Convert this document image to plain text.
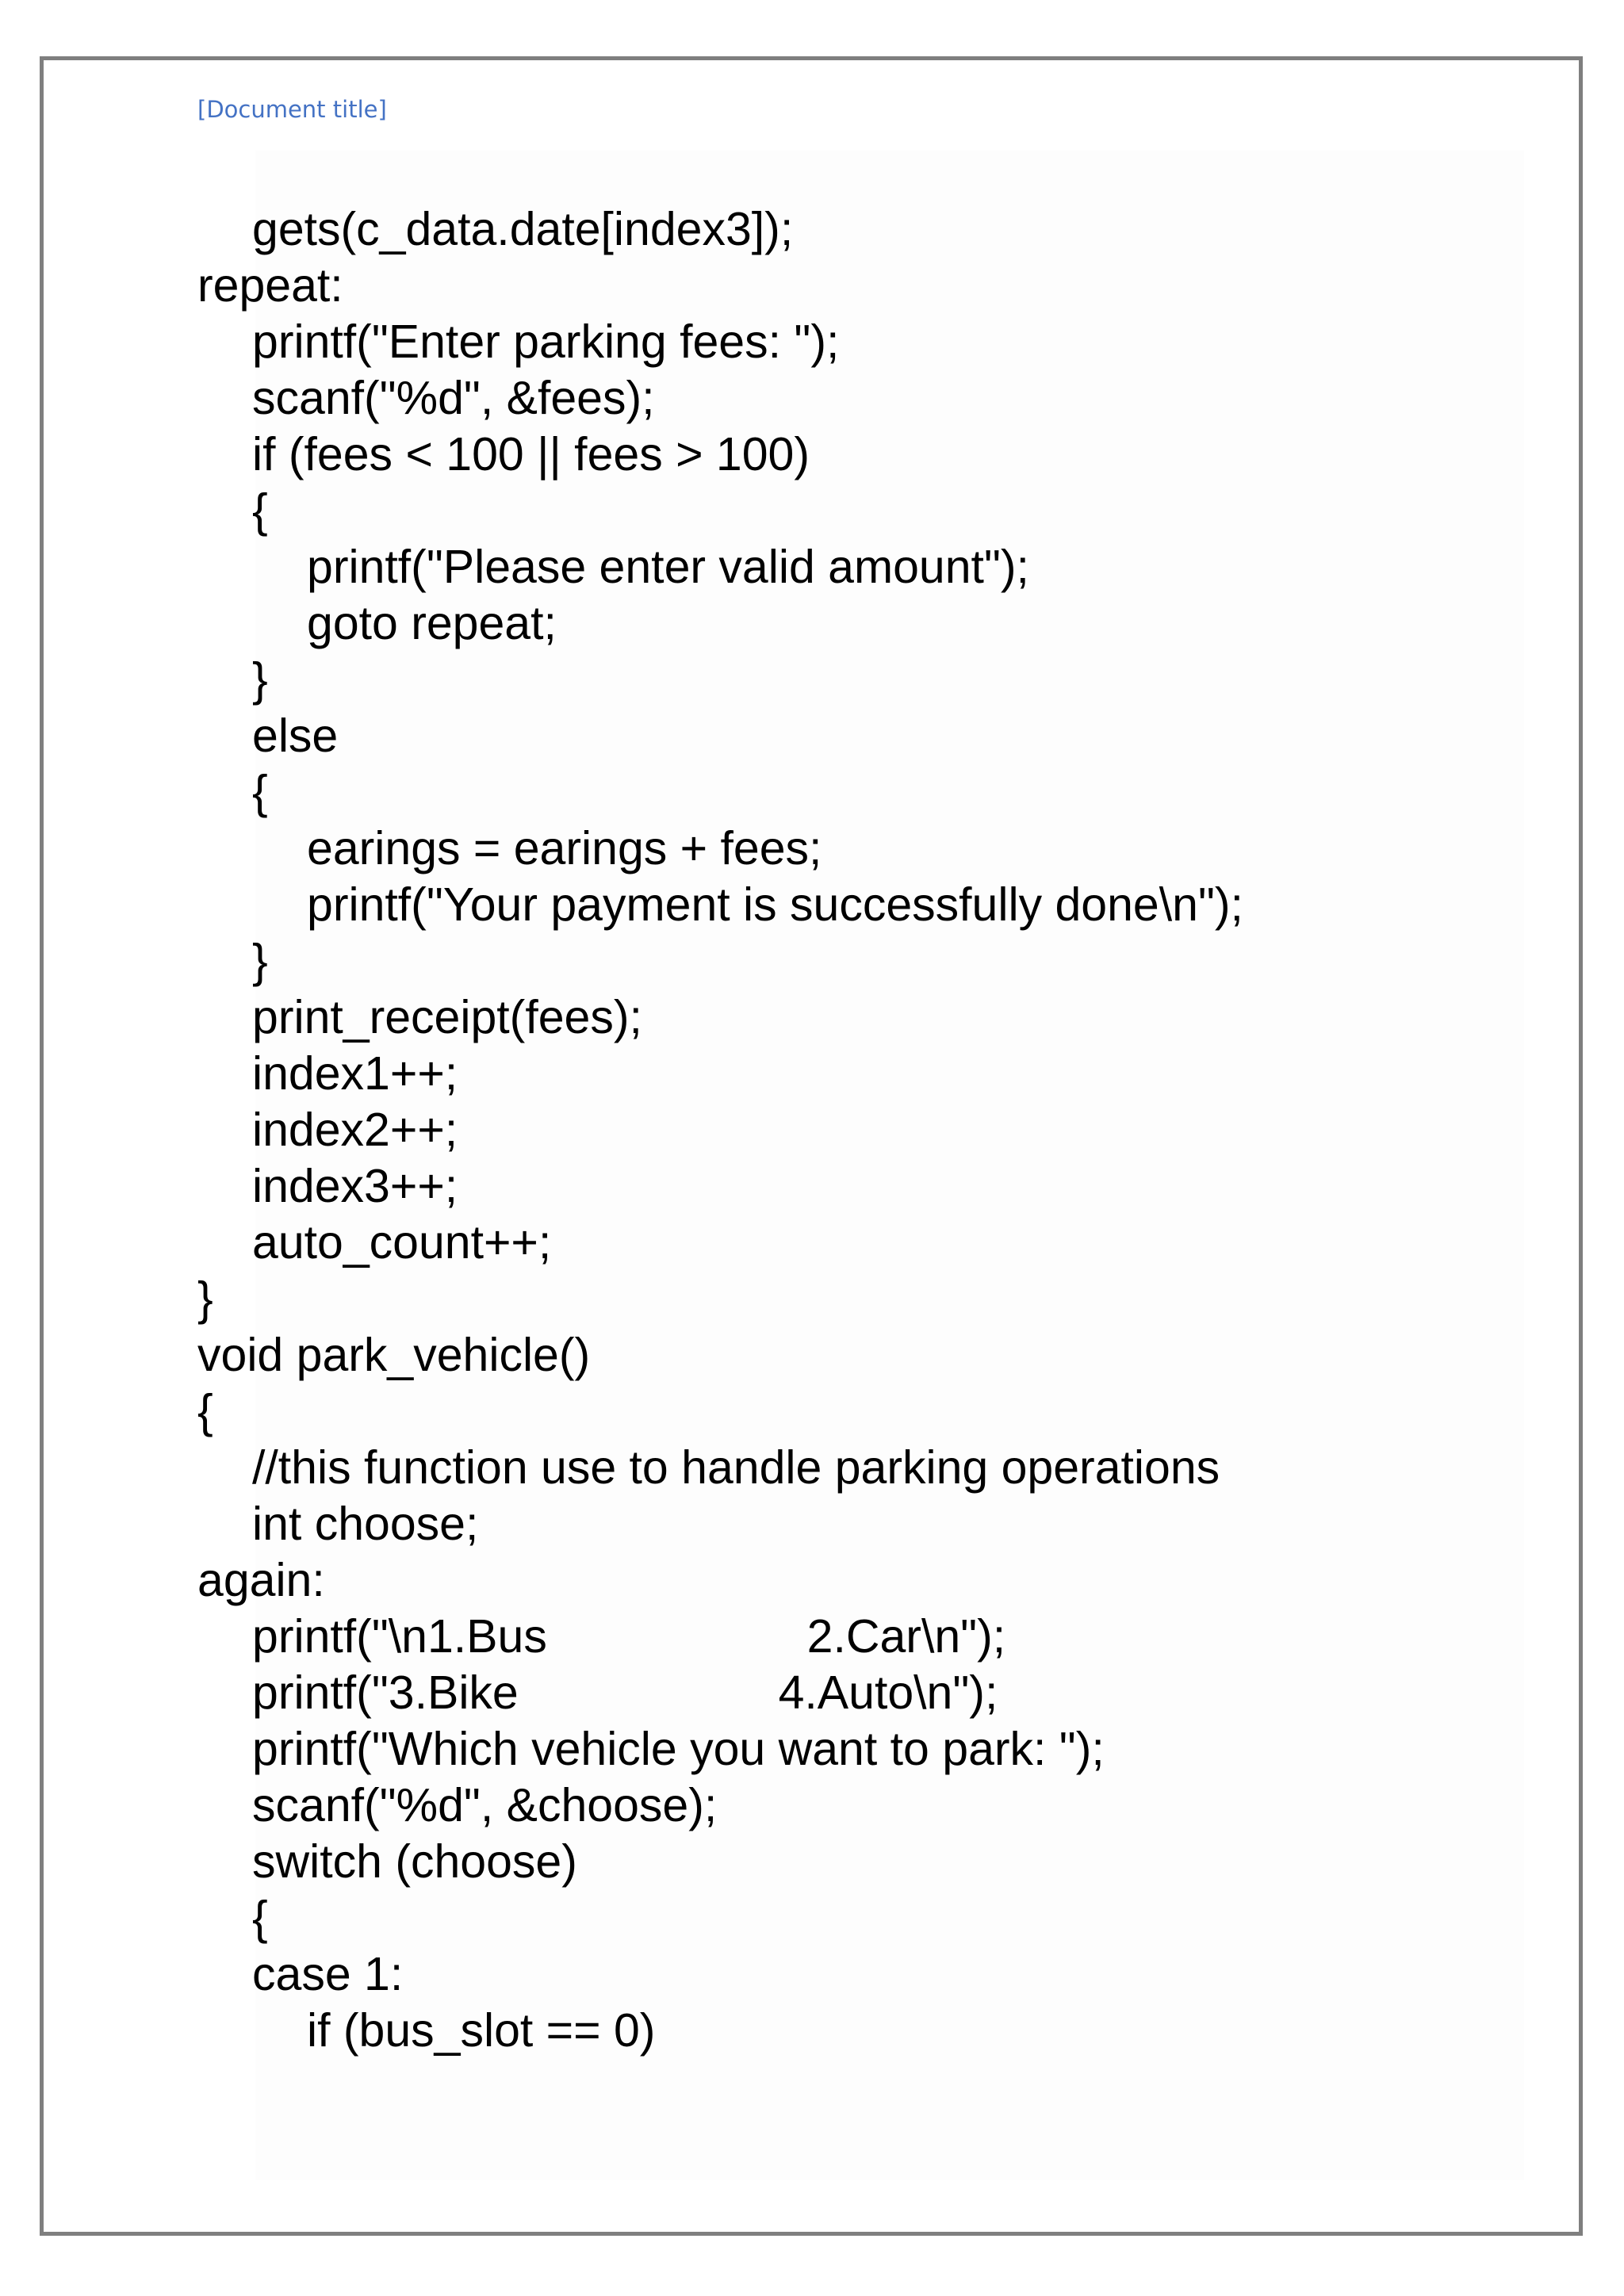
[Document title]
gets(c_data.date[index3]);
repeat:
printf("Enter parking fees: ");
scanf("%d", &fees);
if (fees < 100 || fees > 100)
{
printf("Please enter valid amount");
goto repeat;
}
else
{
earings = earings + fees;
printf("Your payment is successfully done\n");
}
print_receipt(fees);
index1++;
index2++;
index3++;
auto_count++;
}
void park_vehicle()
{
//this function use to handle parking operations
int choose;
again:
printf("\n1.Bus                    2.Car\n");
printf("3.Bike                    4.Auto\n");
printf("Which vehicle you want to park: ");
scanf("%d", &choose);
switch (choose)
{
case 1:
if (bus_slot == 0)
